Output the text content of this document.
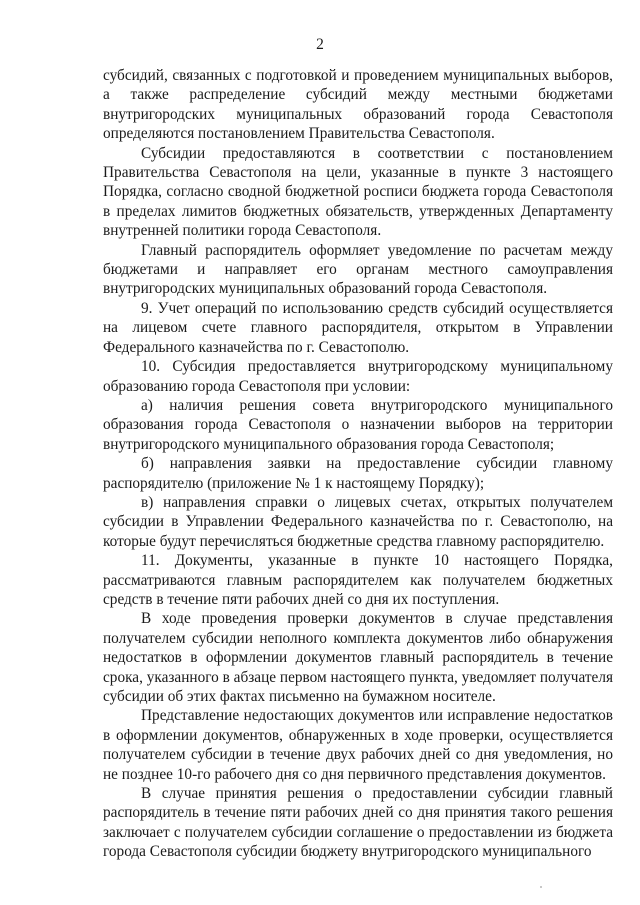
2

субсидий, связанных с подготовкой и проведением муниципальных выборов, а также распределение субсидий между местными бюджетами внутригородских муниципальных образований города Севастополя определяются постановлением Правительства Севастополя.

Субсидии предоставляются в соответствии с постановлением Правительства Севастополя на цели, указанные в пункте 3 настоящего Порядка, согласно сводной бюджетной росписи бюджета города Севастополя в пределах лимитов бюджетных обязательств, утвержденных Департаменту внутренней политики города Севастополя.

Главный распорядитель оформляет уведомление по расчетам между бюджетами и направляет его органам местного самоуправления внутригородских муниципальных образований города Севастополя.

9. Учет операций по использованию средств субсидий осуществляется на лицевом счете главного распорядителя, открытом в Управлении Федерального казначейства по г. Севастополю.

10. Субсидия предоставляется внутригородскому муниципальному образованию города Севастополя при условии:

а) наличия решения совета внутригородского муниципального образования города Севастополя о назначении выборов на территории внутригородского муниципального образования города Севастополя;

б) направления заявки на предоставление субсидии главному распорядителю (приложение № 1 к настоящему Порядку);

в) направления справки о лицевых счетах, открытых получателем субсидии в Управлении Федерального казначейства по г. Севастополю, на которые будут перечисляться бюджетные средства главному распорядителю.

11. Документы, указанные в пункте 10 настоящего Порядка, рассматриваются главным распорядителем как получателем бюджетных средств в течение пяти рабочих дней со дня их поступления.

В ходе проведения проверки документов в случае представления получателем субсидии неполного комплекта документов либо обнаружения недостатков в оформлении документов главный распорядитель в течение срока, указанного в абзаце первом настоящего пункта, уведомляет получателя субсидии об этих фактах письменно на бумажном носителе.

Представление недостающих документов или исправление недостатков в оформлении документов, обнаруженных в ходе проверки, осуществляется получателем субсидии в течение двух рабочих дней со дня уведомления, но не позднее 10-го рабочего дня со дня первичного представления документов.

В случае принятия решения о предоставлении субсидии главный распорядитель в течение пяти рабочих дней со дня принятия такого решения заключает с получателем субсидии соглашение о предоставлении из бюджета города Севастополя субсидии бюджету внутригородского муниципального
